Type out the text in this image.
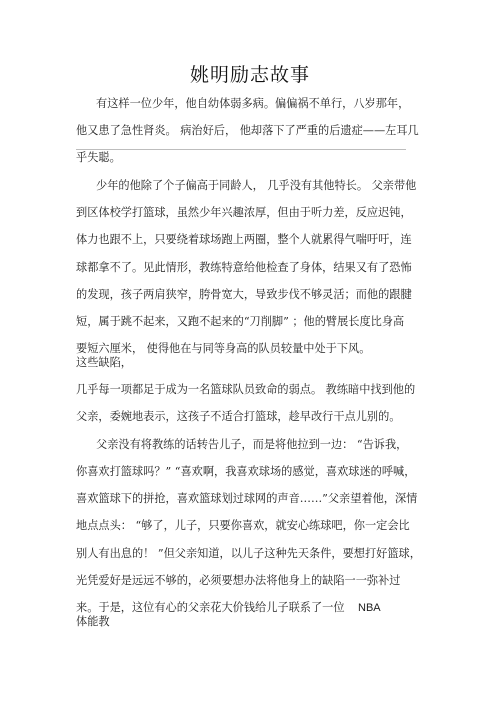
姚明励志故事
有这样一位少年，他自幼体弱多病。偏偏祸不单行，八岁那年，
他又患了急性肾炎。 病治好后， 他却落下了严重的后遗症——左耳几
乎失聪。
少年的他除了个子偏高于同龄人， 几乎没有其他特长。 父亲带他
到区体校学打篮球，虽然少年兴趣浓厚，但由于听力差，反应迟钝，
体力也跟不上，只要绕着球场跑上两圈，整个人就累得气喘吁吁，连
球都拿不了。见此情形，教练特意给他检查了身体，结果又有了恐怖
的发现，孩子两肩狭窄，胯骨宽大，导致步伐不够灵活；而他的跟腱
短，属于跳不起来，又跑不起来的“刀削脚” ；他的臂展长度比身高
要短六厘米， 使得他在与同等身高的队员较量中处于下风。
这些缺陷，
几乎每一项都足于成为一名篮球队员致命的弱点。 教练暗中找到他的
父亲，委婉地表示，这孩子不适合打篮球，趁早改行干点儿别的。
父亲没有将教练的话转告儿子，而是将他拉到一边： “告诉我，
你喜欢打篮球吗？” “喜欢啊，我喜欢球场的感觉，喜欢球迷的呼喊，
喜欢篮球下的拼抢，喜欢篮球划过球网的声音……”父亲望着他，深情
地点点头： “够了，儿子，只要你喜欢，就安心练球吧，你一定会比
别人有出息的！ ”但父亲知道，以儿子这种先天条件，要想打好篮球，
光凭爱好是远远不够的，必须要想办法将他身上的缺陷一一弥补过
来。于是，这位有心的父亲花大价钱给儿子联系了一位 NBA
体能教
